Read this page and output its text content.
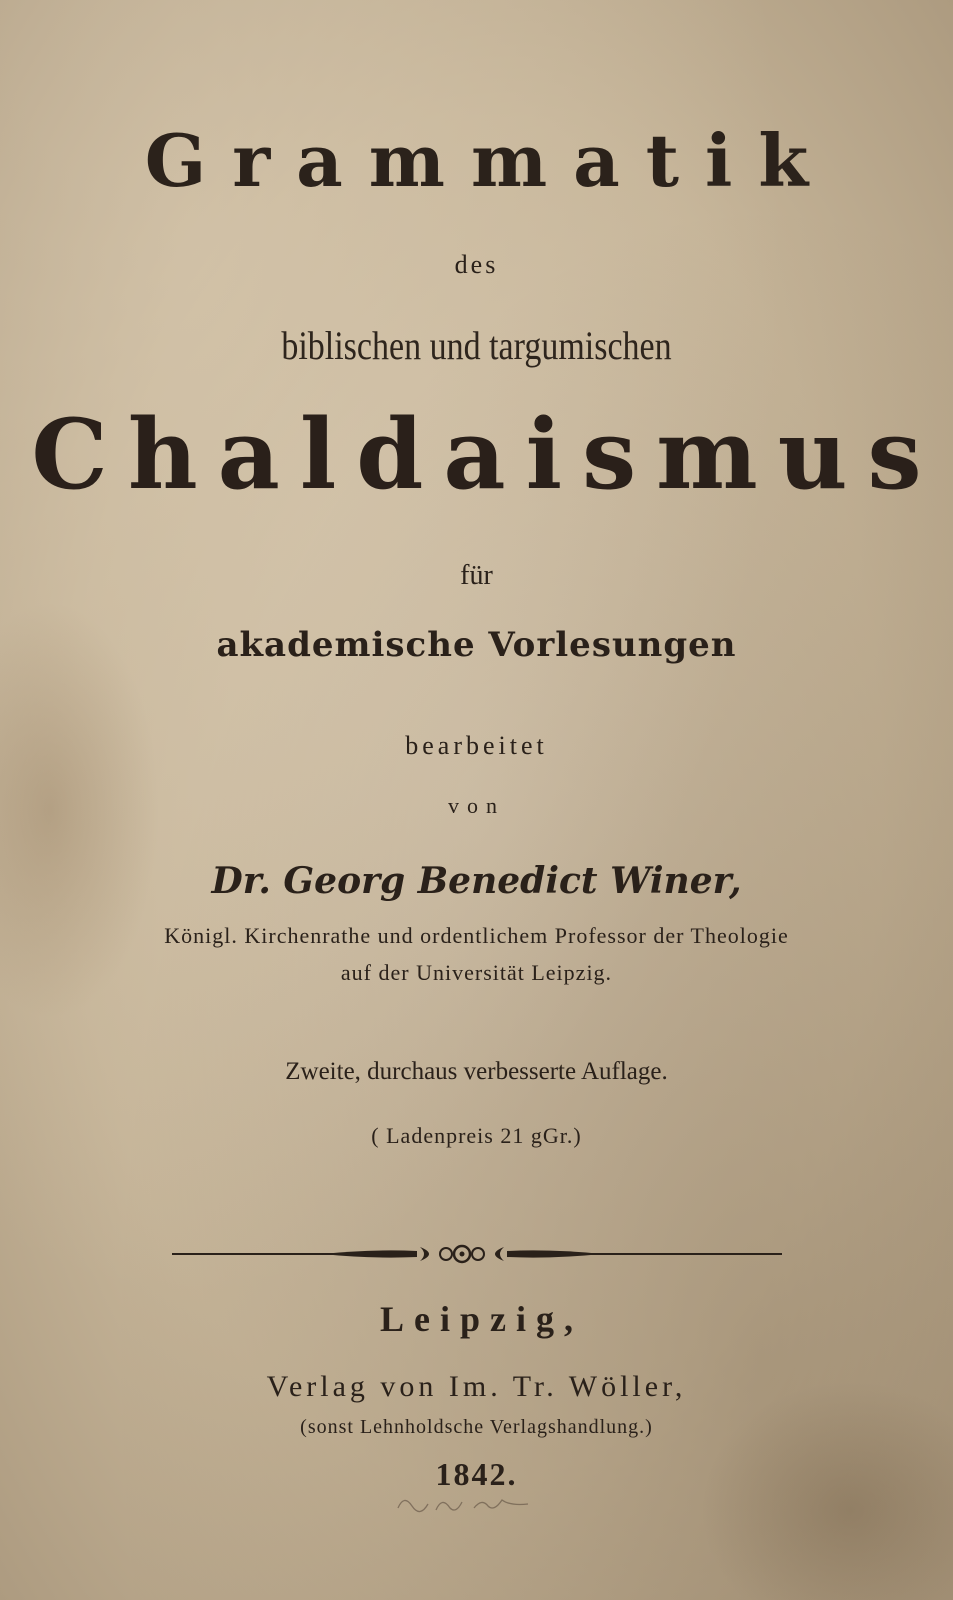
Grammatik
des
biblischen und targumischen
Chaldaismus
für
akademische Vorlesungen
bearbeitet
von
Dr. Georg Benedict Winer,
Königl. Kirchenrathe und ordentlichem Professor der Theologie
auf der Universität Leipzig.
Zweite, durchaus verbesserte Auflage.
( Ladenpreis 21 gGr.)
Leipzig,
Verlag von Im. Tr. Wöller,
(sonst Lehnholdsche Verlagshandlung.)
1842.
